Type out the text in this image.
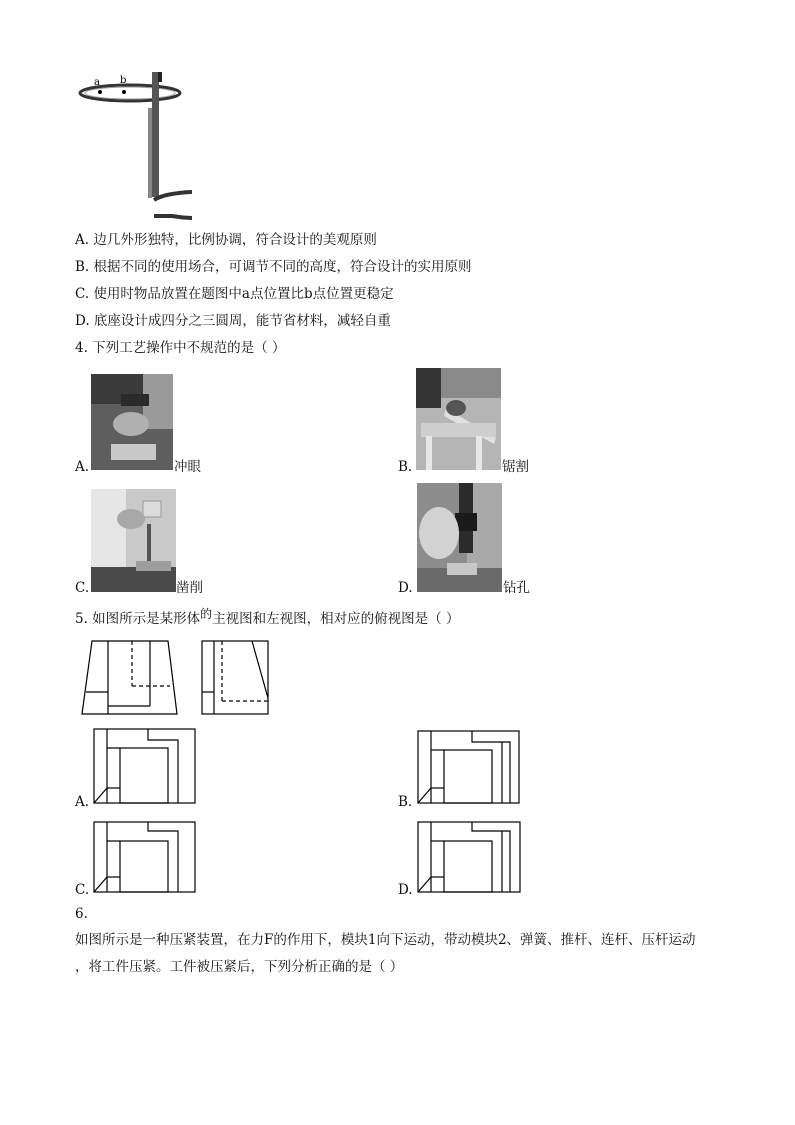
a b
A. 边几外形独特，比例协调，符合设计的美观原则
B. 根据不同的使用场合，可调节不同的高度，符合设计的实用原则
C. 使用时物品放置在题图中a点位置比b点位置更稳定
D. 底座设计成四分之三圆周，能节省材料，减轻自重
4. 下列工艺操作中不规范的是（ ）
A.	冲眼	B.	锯割
C.	凿削	D.	钻孔
5. 如图所示是某形体的主视图和左视图，相对应的俯视图是（ ）
A.	B.
C.	D.
6.
如图所示是一种压紧装置，在力F的作用下，模块1向下运动，带动模块2、弹簧、推杆、连杆、压杆运动
，将工件压紧。工件被压紧后，下列分析正确的是（ ）
